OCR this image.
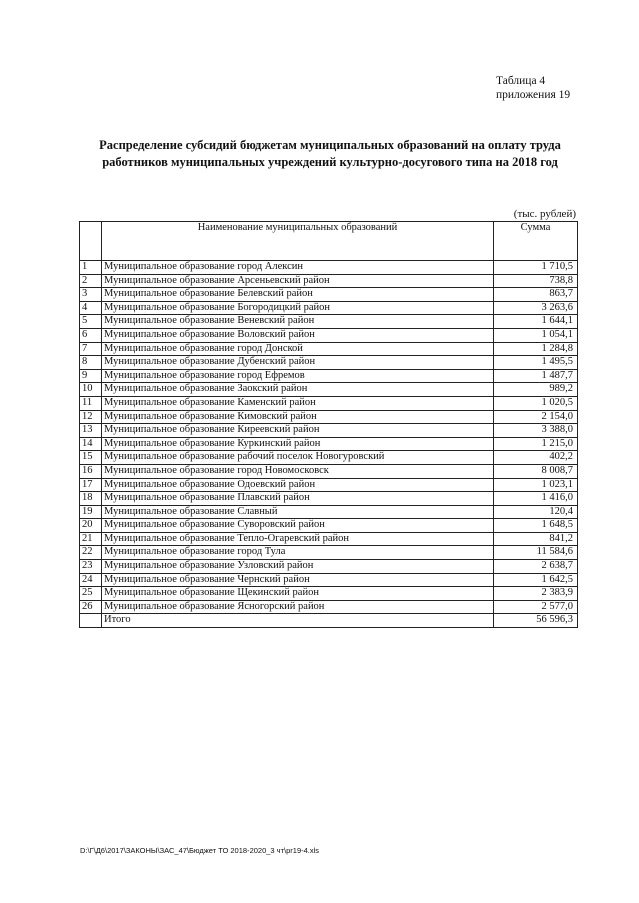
Таблица 4
приложения 19
Распределение субсидий бюджетам муниципальных образований на оплату труда
работников муниципальных учреждений культурно-досугового типа на 2018 год
(тыс. рублей)
	Наименование муниципальных образований	Сумма
1	Муниципальное образование город Алексин	1 710,5
2	Муниципальное образование Арсеньевский район	738,8
3	Муниципальное образование Белевский район	863,7
4	Муниципальное образование Богородицкий район	3 263,6
5	Муниципальное образование Веневский район	1 644,1
6	Муниципальное образование Воловский район	1 054,1
7	Муниципальное образование город Донской	1 284,8
8	Муниципальное образование Дубенский район	1 495,5
9	Муниципальное образование город Ефремов	1 487,7
10	Муниципальное образование Заокский район	989,2
11	Муниципальное образование Каменский район	1 020,5
12	Муниципальное образование Кимовский район	2 154,0
13	Муниципальное образование Киреевский район	3 388,0
14	Муниципальное образование Куркинский район	1 215,0
15	Муниципальное образование рабочий поселок Новогуровский	402,2
16	Муниципальное образование город Новомосковск	8 008,7
17	Муниципальное образование Одоевский район	1 023,1
18	Муниципальное образование Плавский район	1 416,0
19	Муниципальное образование Славный	120,4
20	Муниципальное образование Суворовский район	1 648,5
21	Муниципальное образование Тепло-Огаревский район	841,2
22	Муниципальное образование город Тула	11 584,6
23	Муниципальное образование Узловский район	2 638,7
24	Муниципальное образование Чернский район	1 642,5
25	Муниципальное образование Щекинский район	2 383,9
26	Муниципальное образование Ясногорский район	2 577,0
	Итого	56 596,3
D:\Г\Д6\2017\ЗАКОНЫ\ЗАС_47\Бюджет ТО 2018-2020_3 чт\pr19-4.xls
